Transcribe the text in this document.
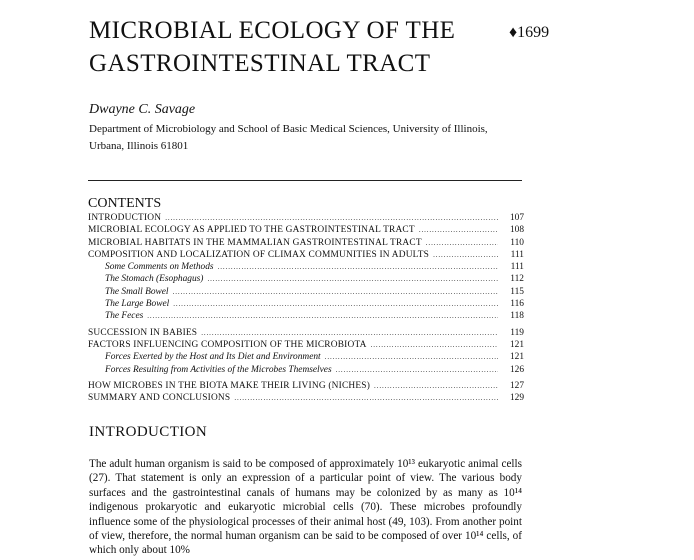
MICROBIAL ECOLOGY OF THE
GASTROINTESTINAL TRACT
♦1699
Dwayne C. Savage
Department of Microbiology and School of Basic Medical Sciences, University of Illinois,
Urbana, Illinois 61801
CONTENTS
INTRODUCTION .....	107
MICROBIAL ECOLOGY AS APPLIED TO THE GASTROINTESTINAL TRACT .....	108
MICROBIAL HABITATS IN THE MAMMALIAN GASTROINTESTINAL TRACT .....	110
COMPOSITION AND LOCALIZATION OF CLIMAX COMMUNITIES IN ADULTS .....	111
Some Comments on Methods .....	111
The Stomach (Esophagus) .....	112
The Small Bowel .....	115
The Large Bowel .....	116
The Feces .....	118
SUCCESSION IN BABIES .....	119
FACTORS INFLUENCING COMPOSITION OF THE MICROBIOTA .....	121
Forces Exerted by the Host and Its Diet and Environment .....	121
Forces Resulting from Activities of the Microbes Themselves .....	126
HOW MICROBES IN THE BIOTA MAKE THEIR LIVING (NICHES) .....	127
SUMMARY AND CONCLUSIONS .....	129
INTRODUCTION

The adult human organism is said to be composed of approximately 10¹³ eukaryotic animal cells (27). That statement is only an expression of a particular point of view. The various body surfaces and the gastrointestinal canals of humans may be colonized by as many as 10¹⁴ indigenous prokaryotic and eukaryotic microbial cells (70). These microbes profoundly influence some of the physiological processes of their animal host (49, 103). From another point of view, therefore, the normal human organism can be said to be composed of over 10¹⁴ cells, of which only about 10%
